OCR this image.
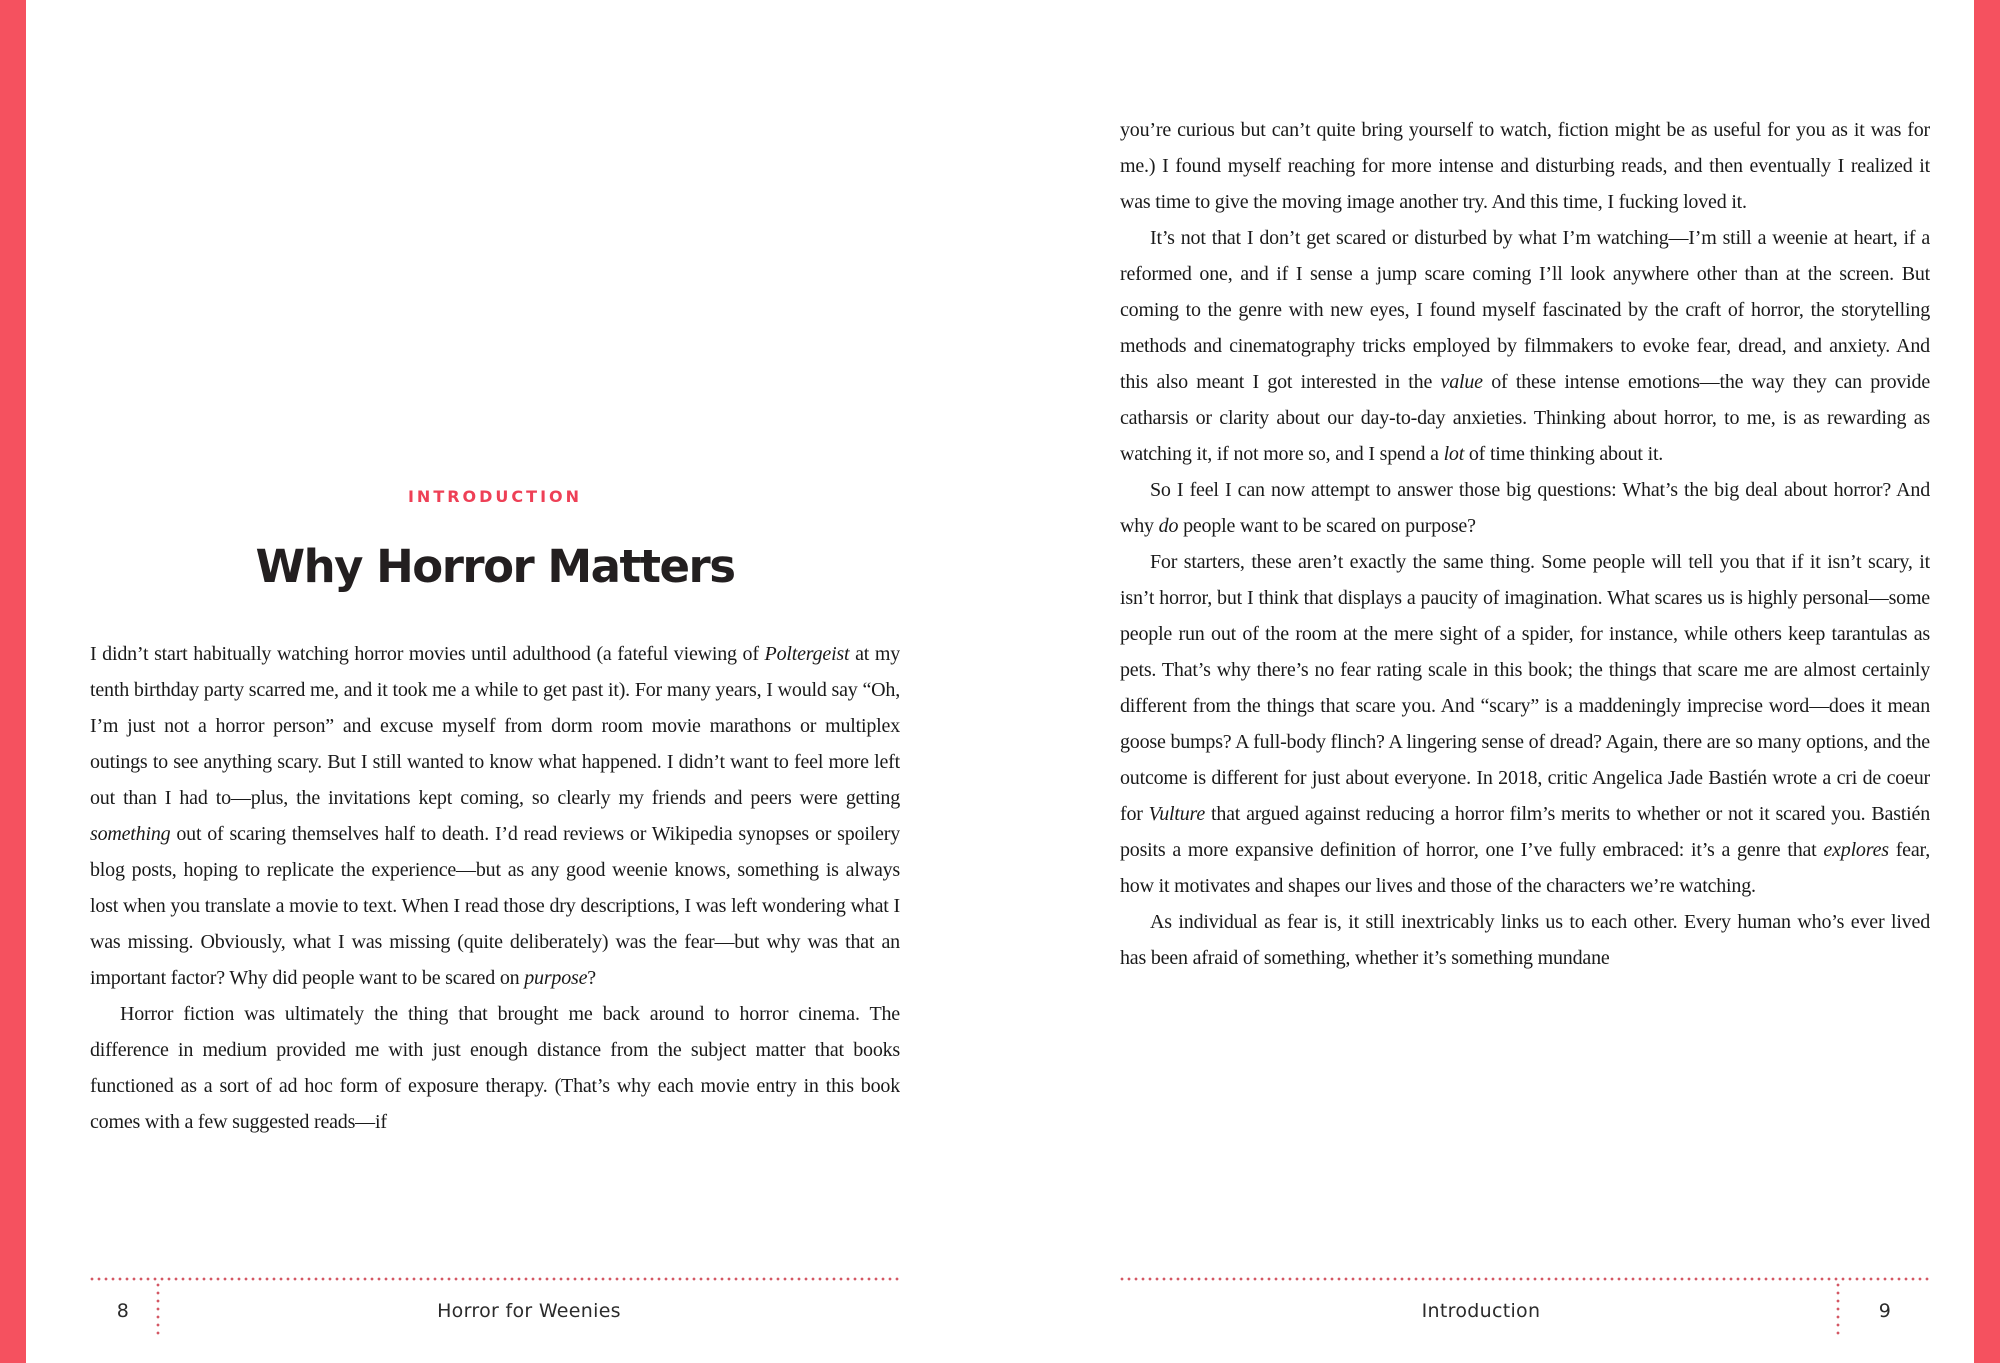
INTRODUCTION
Why Horror Matters

I didn’t start habitually watching horror movies until adulthood (a fateful viewing of Poltergeist at my tenth birthday party scarred me, and it took me a while to get past it). For many years, I would say “Oh, I’m just not a horror person” and excuse myself from dorm room movie marathons or multiplex outings to see anything scary. But I still wanted to know what happened. I didn’t want to feel more left out than I had to—plus, the invitations kept coming, so clearly my friends and peers were getting something out of scaring themselves half to death. I’d read reviews or Wikipedia synopses or spoilery blog posts, hoping to replicate the experience—but as any good weenie knows, something is always lost when you translate a movie to text. When I read those dry descriptions, I was left wondering what I was missing. Obviously, what I was missing (quite deliberately) was the fear—but why was that an important factor? Why did people want to be scared on purpose?

Horror fiction was ultimately the thing that brought me back around to horror cinema. The difference in medium provided me with just enough distance from the subject matter that books functioned as a sort of ad hoc form of exposure therapy. (That’s why each movie entry in this book comes with a few suggested reads—if

8	Horror for Weenies

you’re curious but can’t quite bring yourself to watch, fiction might be as useful for you as it was for me.) I found myself reaching for more intense and disturbing reads, and then eventually I realized it was time to give the moving image another try. And this time, I fucking loved it.

It’s not that I don’t get scared or disturbed by what I’m watching—I’m still a weenie at heart, if a reformed one, and if I sense a jump scare coming I’ll look anywhere other than at the screen. But coming to the genre with new eyes, I found myself fascinated by the craft of horror, the storytelling methods and cinematography tricks employed by filmmakers to evoke fear, dread, and anxiety. And this also meant I got interested in the value of these intense emotions—the way they can provide catharsis or clarity about our day-to-day anxieties. Thinking about horror, to me, is as rewarding as watching it, if not more so, and I spend a lot of time thinking about it.

So I feel I can now attempt to answer those big questions: What’s the big deal about horror? And why do people want to be scared on purpose?

For starters, these aren’t exactly the same thing. Some people will tell you that if it isn’t scary, it isn’t horror, but I think that displays a paucity of imagination. What scares us is highly personal—some people run out of the room at the mere sight of a spider, for instance, while others keep tarantulas as pets. That’s why there’s no fear rating scale in this book; the things that scare me are almost certainly different from the things that scare you. And “scary” is a maddeningly imprecise word—does it mean goose bumps? A full-body flinch? A lingering sense of dread? Again, there are so many options, and the outcome is different for just about everyone. In 2018, critic Angelica Jade Bastién wrote a cri de coeur for Vulture that argued against reducing a horror film’s merits to whether or not it scared you. Bastién posits a more expansive definition of horror, one I’ve fully embraced: it’s a genre that explores fear, how it motivates and shapes our lives and those of the characters we’re watching.

As individual as fear is, it still inextricably links us to each other. Every human who’s ever lived has been afraid of something, whether it’s something mundane

Introduction	9
